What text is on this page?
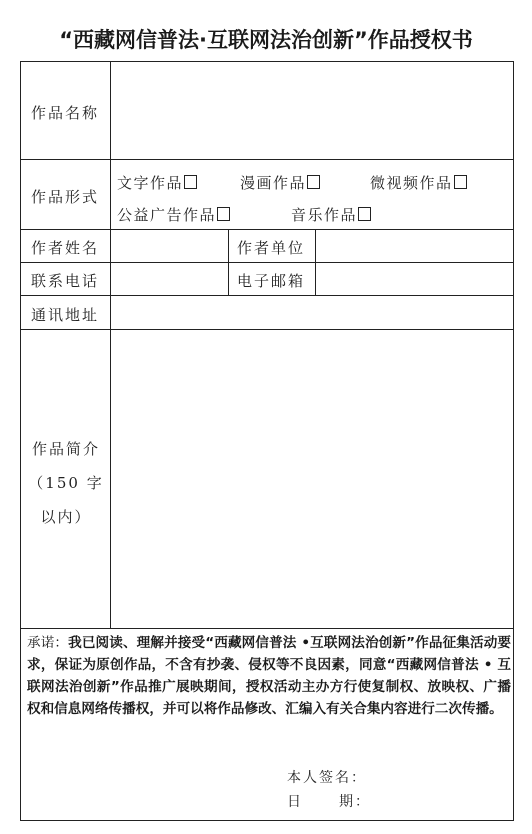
“西藏网信普法·互联网法治创新”作品授权书
作品名称
作品形式
文字作品	漫画作品	微视频作品
公益广告作品	音乐作品
作者姓名	作者单位
联系电话	电子邮箱
通讯地址
作品简介
（150 字
以内）
承诺：我已阅读、理解并接受“西藏网信普法 •互联网法治创新”作品征集活动要求，保证为原创作品，不含有抄袭、侵权等不良因素，同意“西藏网信普法 • 互联网法治创新”作品推广展映期间，授权活动主办方行使复制权、放映权、广播权和信息网络传播权，并可以将作品修改、汇编入有关合集内容进行二次传播。
本人签名：
日	期：
